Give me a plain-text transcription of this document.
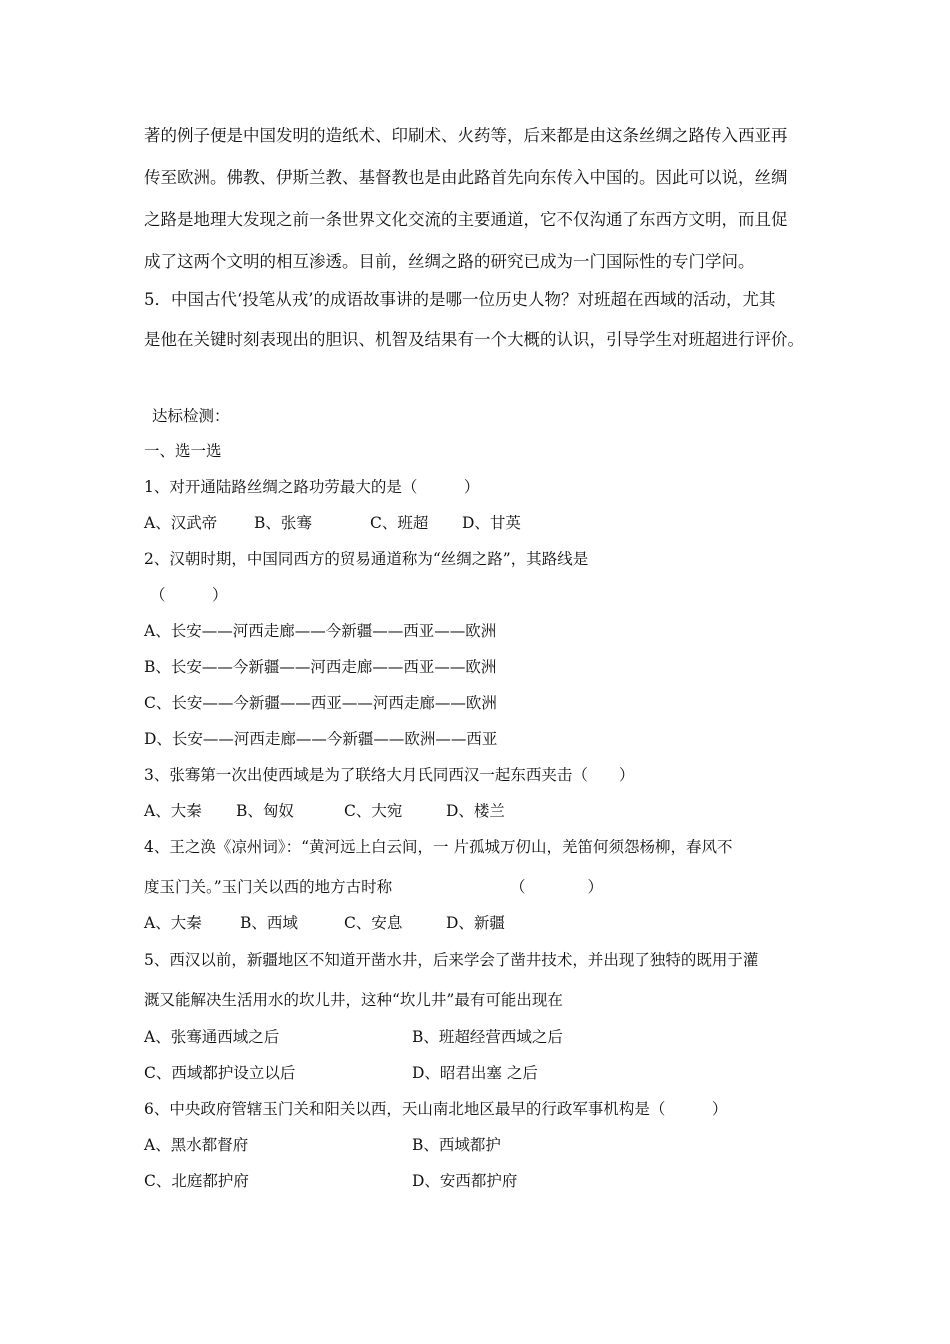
著的例子便是中国发明的造纸术、印刷术、火药等，后来都是由这条丝绸之路传入西亚再
传至欧洲。佛教、伊斯兰教、基督教也是由此路首先向东传入中国的。因此可以说，丝绸
之路是地理大发现之前一条世界文化交流的主要通道，它不仅沟通了东西方文明，而且促
成了这两个文明的相互渗透。目前，丝绸之路的研究已成为一门国际性的专门学问。
5．中国古代‘投笔从戎’的成语故事讲的是哪一位历史人物？对班超在西域的活动，尤其
是他在关键时刻表现出的胆识、机智及结果有一个大概的认识，引导学生对班超进行评价。
达标检测：
一、选一选
1、对开通陆路丝绸之路功劳最大的是（　　　）
A、汉武帝 B、张骞	C、班超 D、甘英
2、汉朝时期，中国同西方的贸易通道称为“丝绸之路”，其路线是
（　　　）
A、长安——河西走廊——今新疆——西亚——欧洲
B、长安——今新疆——河西走廊——西亚——欧洲
C、长安——今新疆——西亚——河西走廊——欧洲
D、长安——河西走廊——今新疆——欧洲——西亚
3、张骞第一次出使西域是为了联络大月氏同西汉一起东西夹击（　　）
A、大秦 B、匈奴	C、大宛	D、楼兰
4、王之涣《凉州词》：“黄河远上白云间，一 片孤城万仞山，羌笛何须怨杨柳，春风不
度玉门关。”玉门关以西的地方古时称	（　　　　）
A、大秦 B、西域	C、安息	D、新疆
5、西汉以前，新疆地区不知道开凿水井，后来学会了凿井技术，并出现了独特的既用于灌
溉又能解决生活用水的坎儿井，这种“坎儿井”最有可能出现在
A、张骞通西域之后	B、班超经营西域之后
C、西域都护设立以后	D、昭君出塞 之后
6、中央政府管辖玉门关和阳关以西，天山南北地区最早的行政军事机构是（　　　）
A、黑水都督府	B、西域都护
C、北庭都护府	D、安西都护府
